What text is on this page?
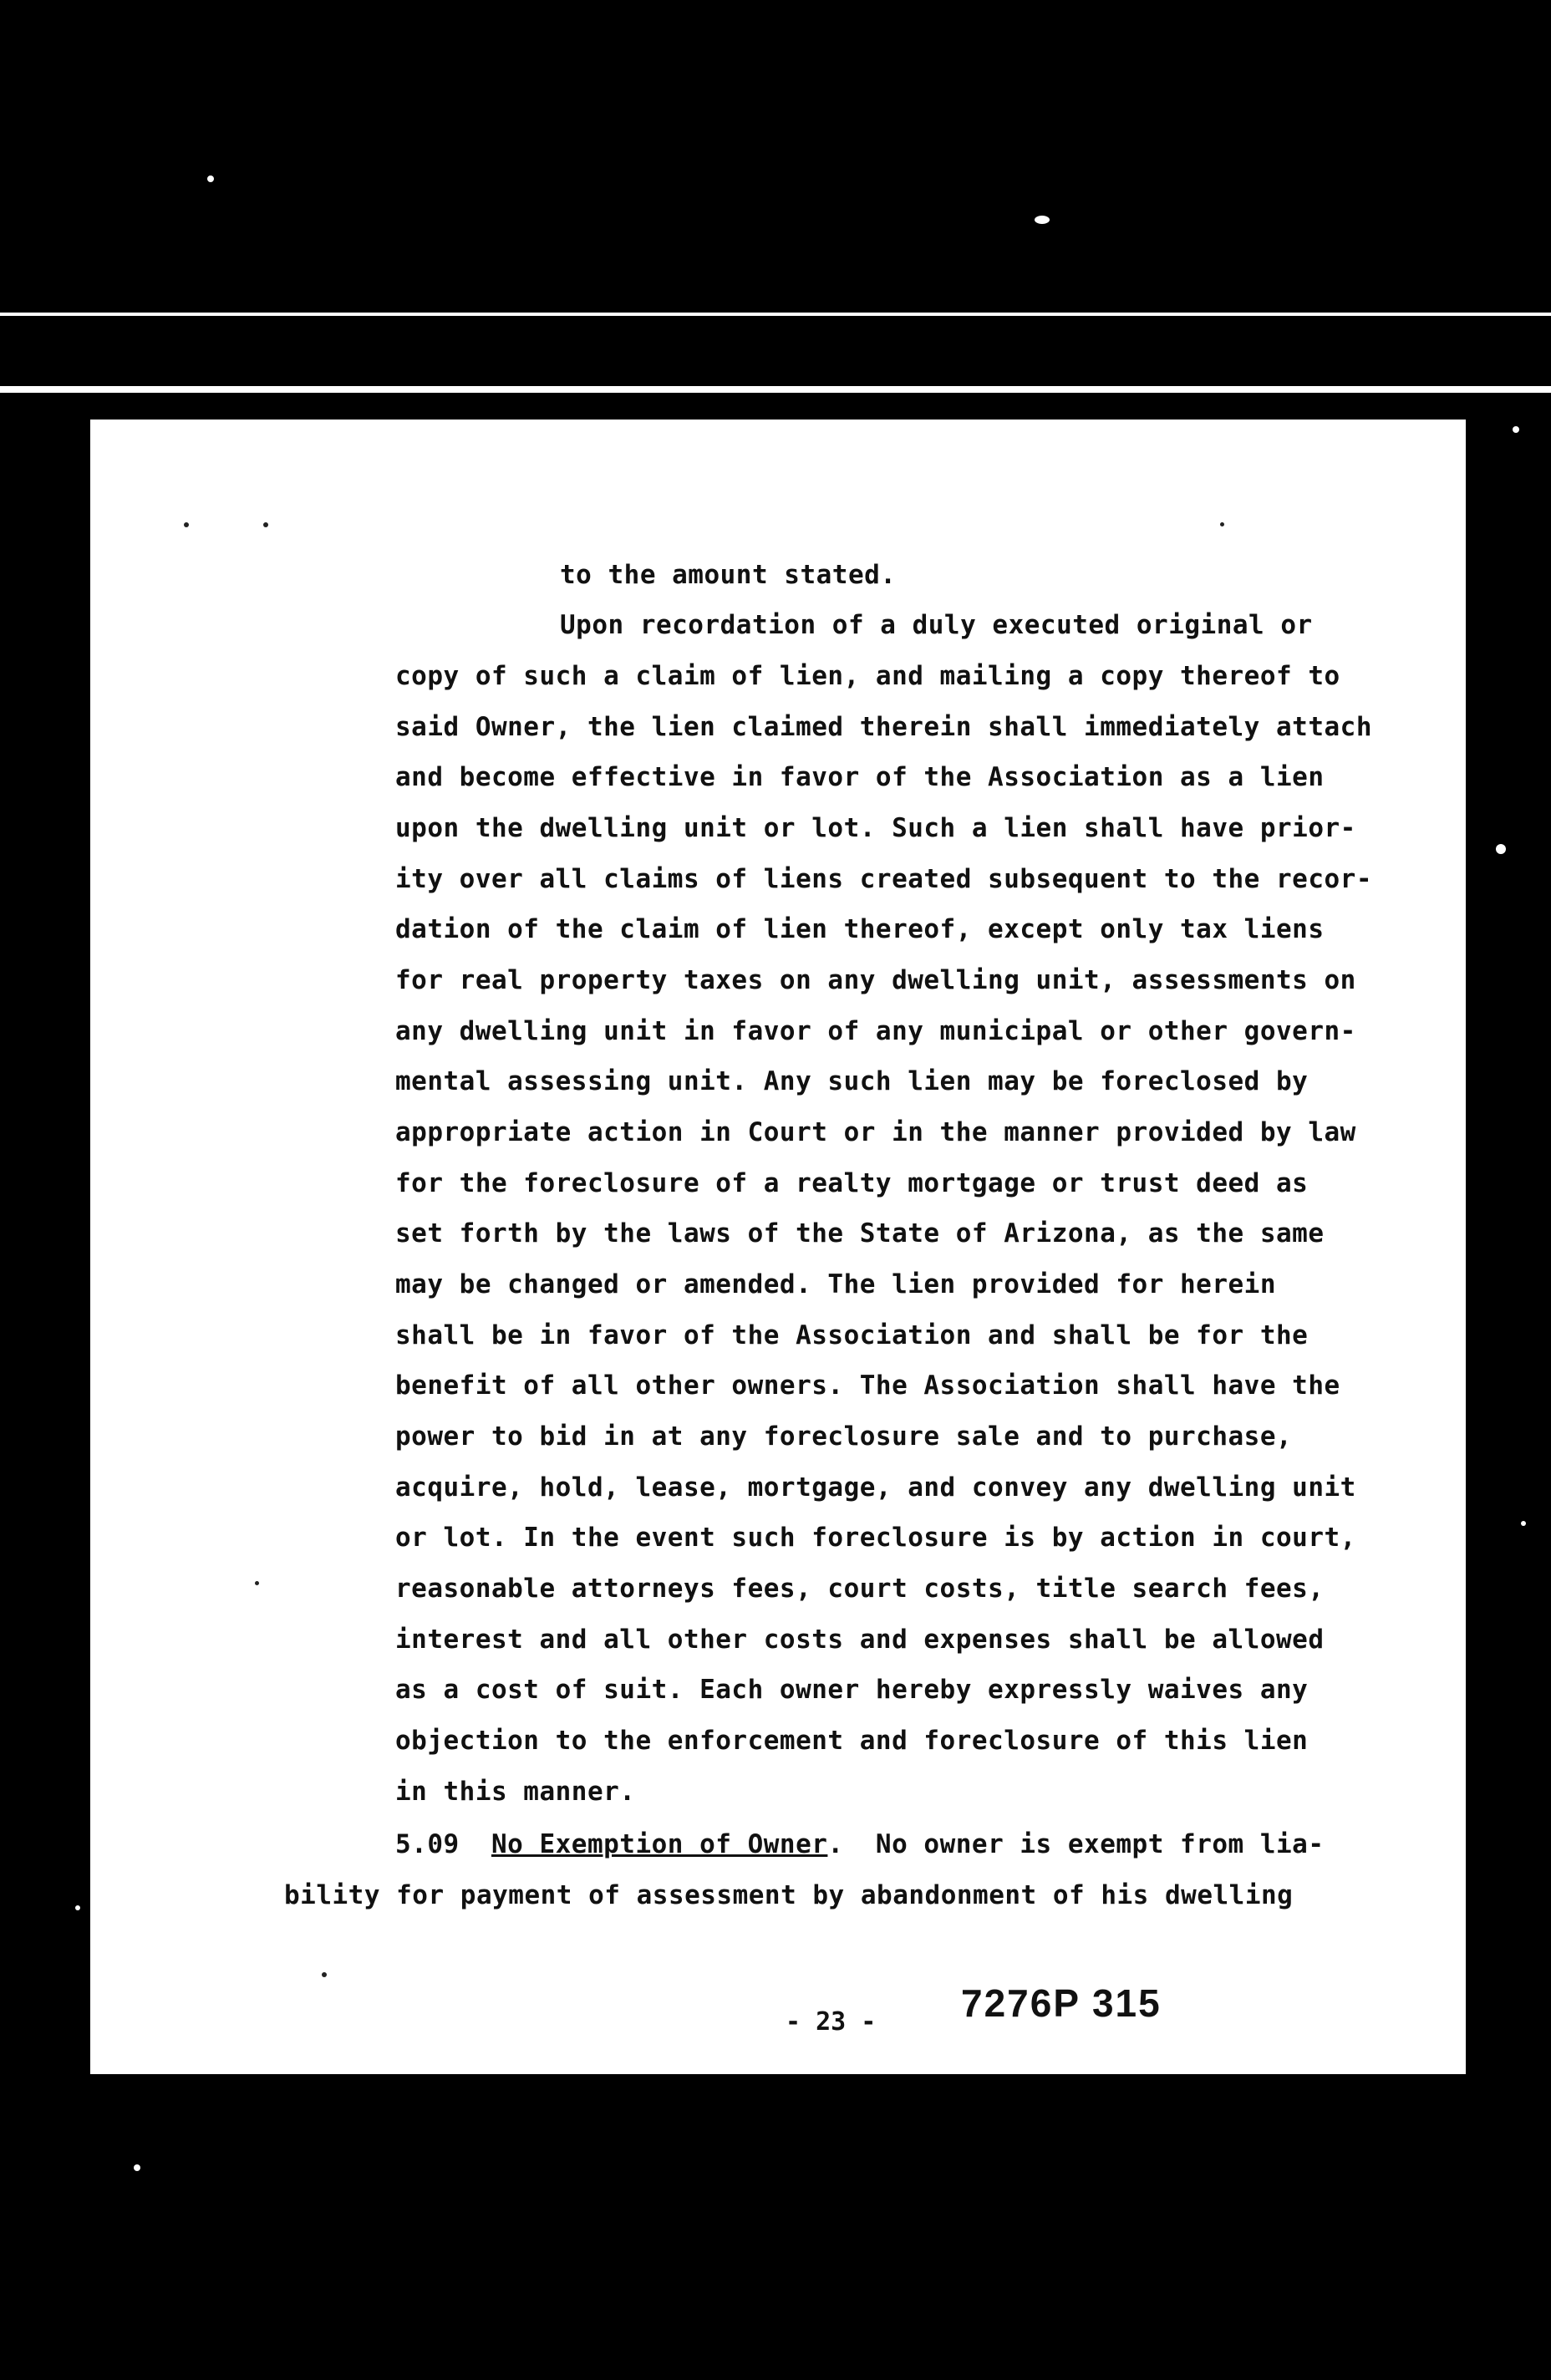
to the amount stated.

Upon recordation of a duly executed original or

copy of such a claim of lien, and mailing a copy thereof to

said Owner, the lien claimed therein shall immediately attach

and become effective in favor of the Association as a lien

upon the dwelling unit or lot. Such a lien shall have prior-

ity over all claims of liens created subsequent to the recor-

dation of the claim of lien thereof, except only tax liens

for real property taxes on any dwelling unit, assessments on

any dwelling unit in favor of any municipal or other govern-

mental assessing unit. Any such lien may be foreclosed by

appropriate action in Court or in the manner provided by law

for the foreclosure of a realty mortgage or trust deed as

set forth by the laws of the State of Arizona, as the same

may be changed or amended. The lien provided for herein

shall be in favor of the Association and shall be for the

benefit of all other owners. The Association shall have the

power to bid in at any foreclosure sale and to purchase,

acquire, hold, lease, mortgage, and convey any dwelling unit

or lot. In the event such foreclosure is by action in court,

reasonable attorneys fees, court costs, title search fees,

interest and all other costs and expenses shall be allowed

as a cost of suit. Each owner hereby expressly waives any

objection to the enforcement and foreclosure of this lien

in this manner.

5.09 No Exemption of Owner. No owner is exempt from lia-

bility for payment of assessment by abandonment of his dwelling

- 23 - 7276P 315
